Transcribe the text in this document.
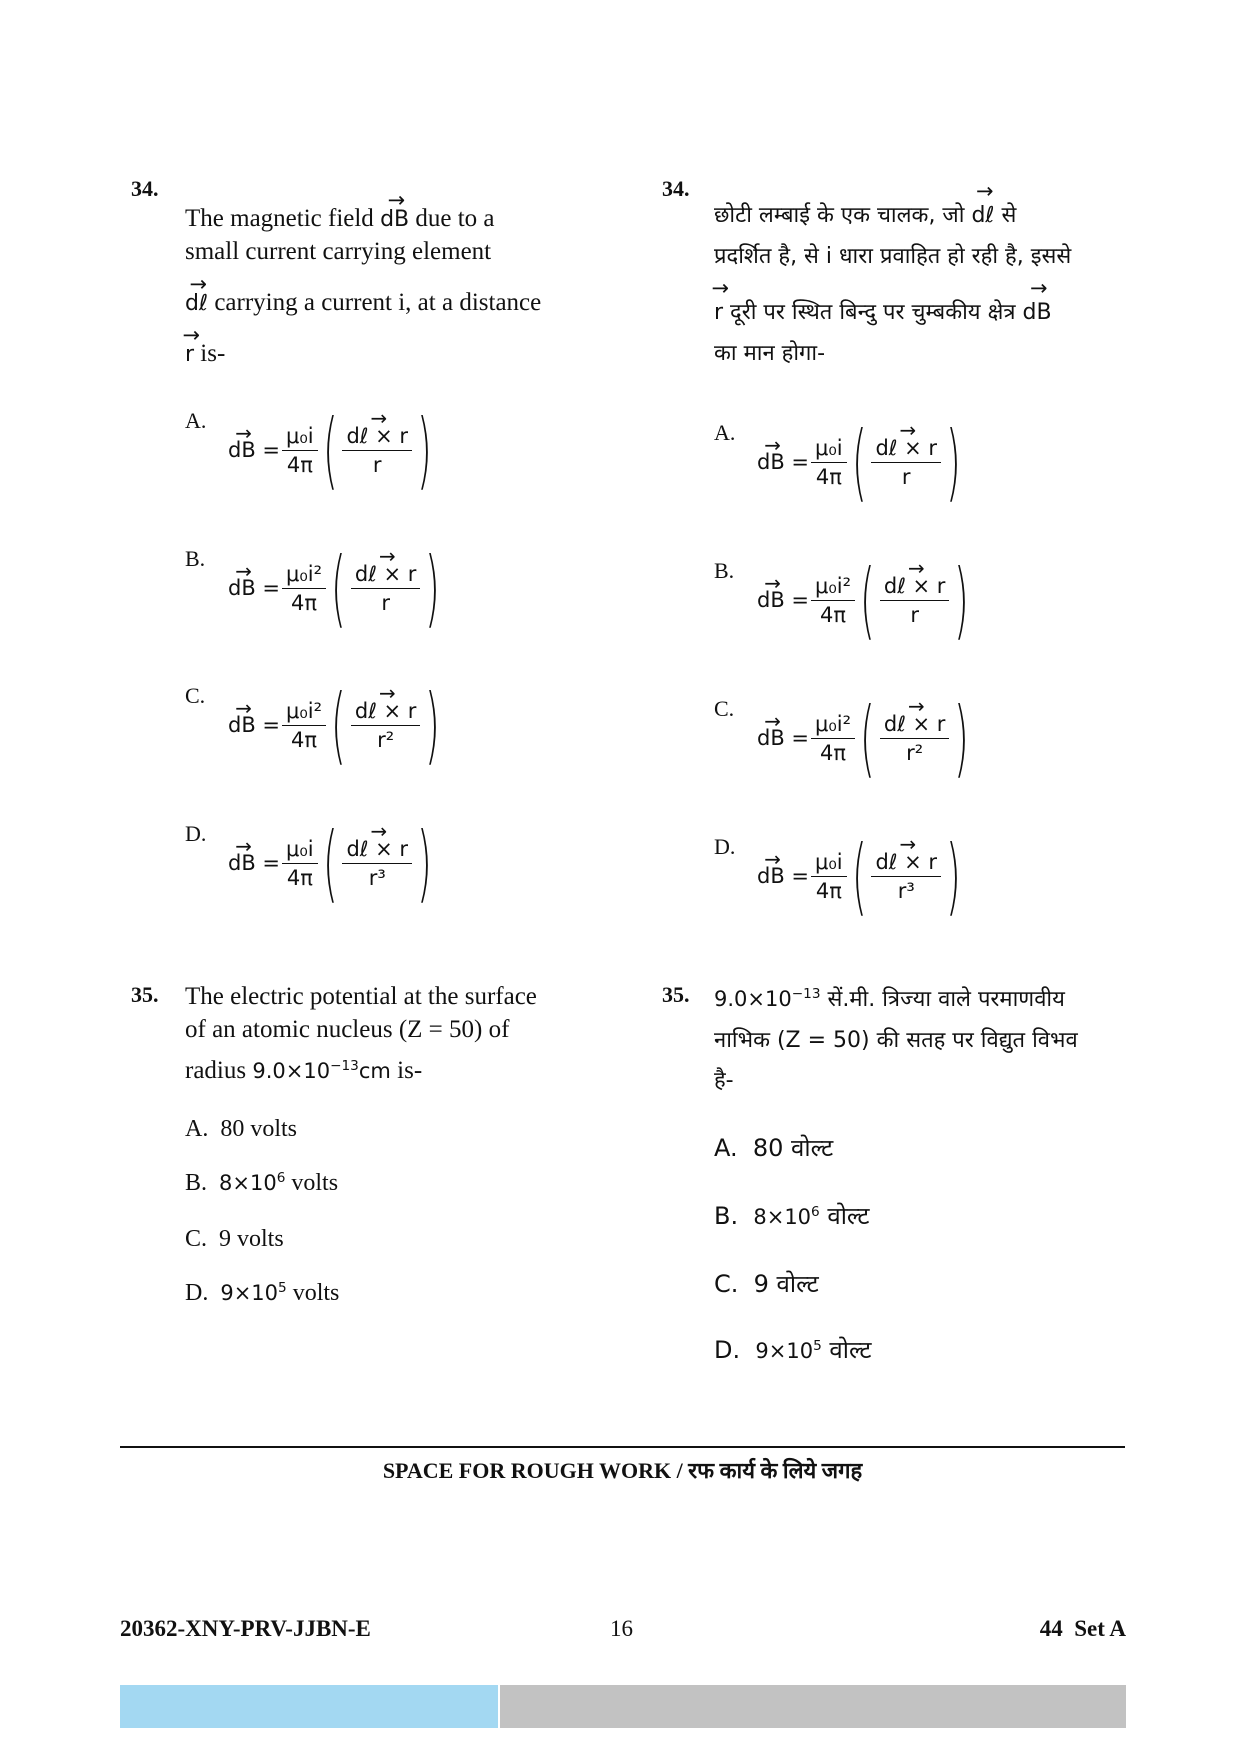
34.
The magnetic field → dB due to a
small current carrying element
→ dℓ carrying a current i, at a distance
→ r is-
A.
→ dB = $\frac{\text{μ₀i}}{4\pi}$ ( → $\frac{\text{dℓ × r}}{r}$ )
B.
→ dB = $\frac{\text{μ₀i²}}{4\pi}$ ( → $\frac{\text{dℓ × r}}{r}$ )
C.
→ dB = $\frac{\text{μ₀i²}}{4\pi}$ ( → $\frac{\text{dℓ × r}}{\text{r²}}$ )
D.
→ dB = $\frac{\text{μ₀i}}{4\pi}$ ( → $\frac{\text{dℓ × r}}{\text{r³}}$ )
34.
छोटी लम्बाई के एक चालक, जो → dℓ से
प्रदर्शित है, से i धारा प्रवाहित हो रही है, इससे
→ r दूरी पर स्थित बिन्दु पर चुम्बकीय क्षेत्र → dB
का मान होगा-
A.
→ dB = $\frac{\text{μ₀i}}{4\pi}$ ( → $\frac{\text{dℓ × r}}{r}$ )
B.
→ dB = $\frac{\text{μ₀i²}}{4\pi}$ ( → $\frac{\text{dℓ × r}}{r}$ )
C.
→ dB = $\frac{\text{μ₀i²}}{4\pi}$ ( → $\frac{\text{dℓ × r}}{\text{r²}}$ )
D.
→ dB = $\frac{\text{μ₀i}}{4\pi}$ ( → $\frac{\text{dℓ × r}}{\text{r³}}$ )
35. The electric potential at the surface
of an atomic nucleus (Z = 50) of
radius $9.0\times 10^{-13}cm$ is-
A. 80 volts
B. $8\times 10^6$ volts
C. 9 volts
D. $9\times 10^5$ volts
35. $9.0\times 10^{-13}$ सें.मी. त्रिज्या वाले परमाणवीय
नाभिक (Z = 50) की सतह पर विद्युत विभव
है-
A. 80 वोल्ट
B. $8\times 10^6$ वोल्ट
C. 9 वोल्ट
D. $9\times 10^5$ वोल्ट
SPACE FOR ROUGH WORK / रफ कार्य के लिये जगह
20362-XNY-PRV-JJBN-E	16	44  Set A
